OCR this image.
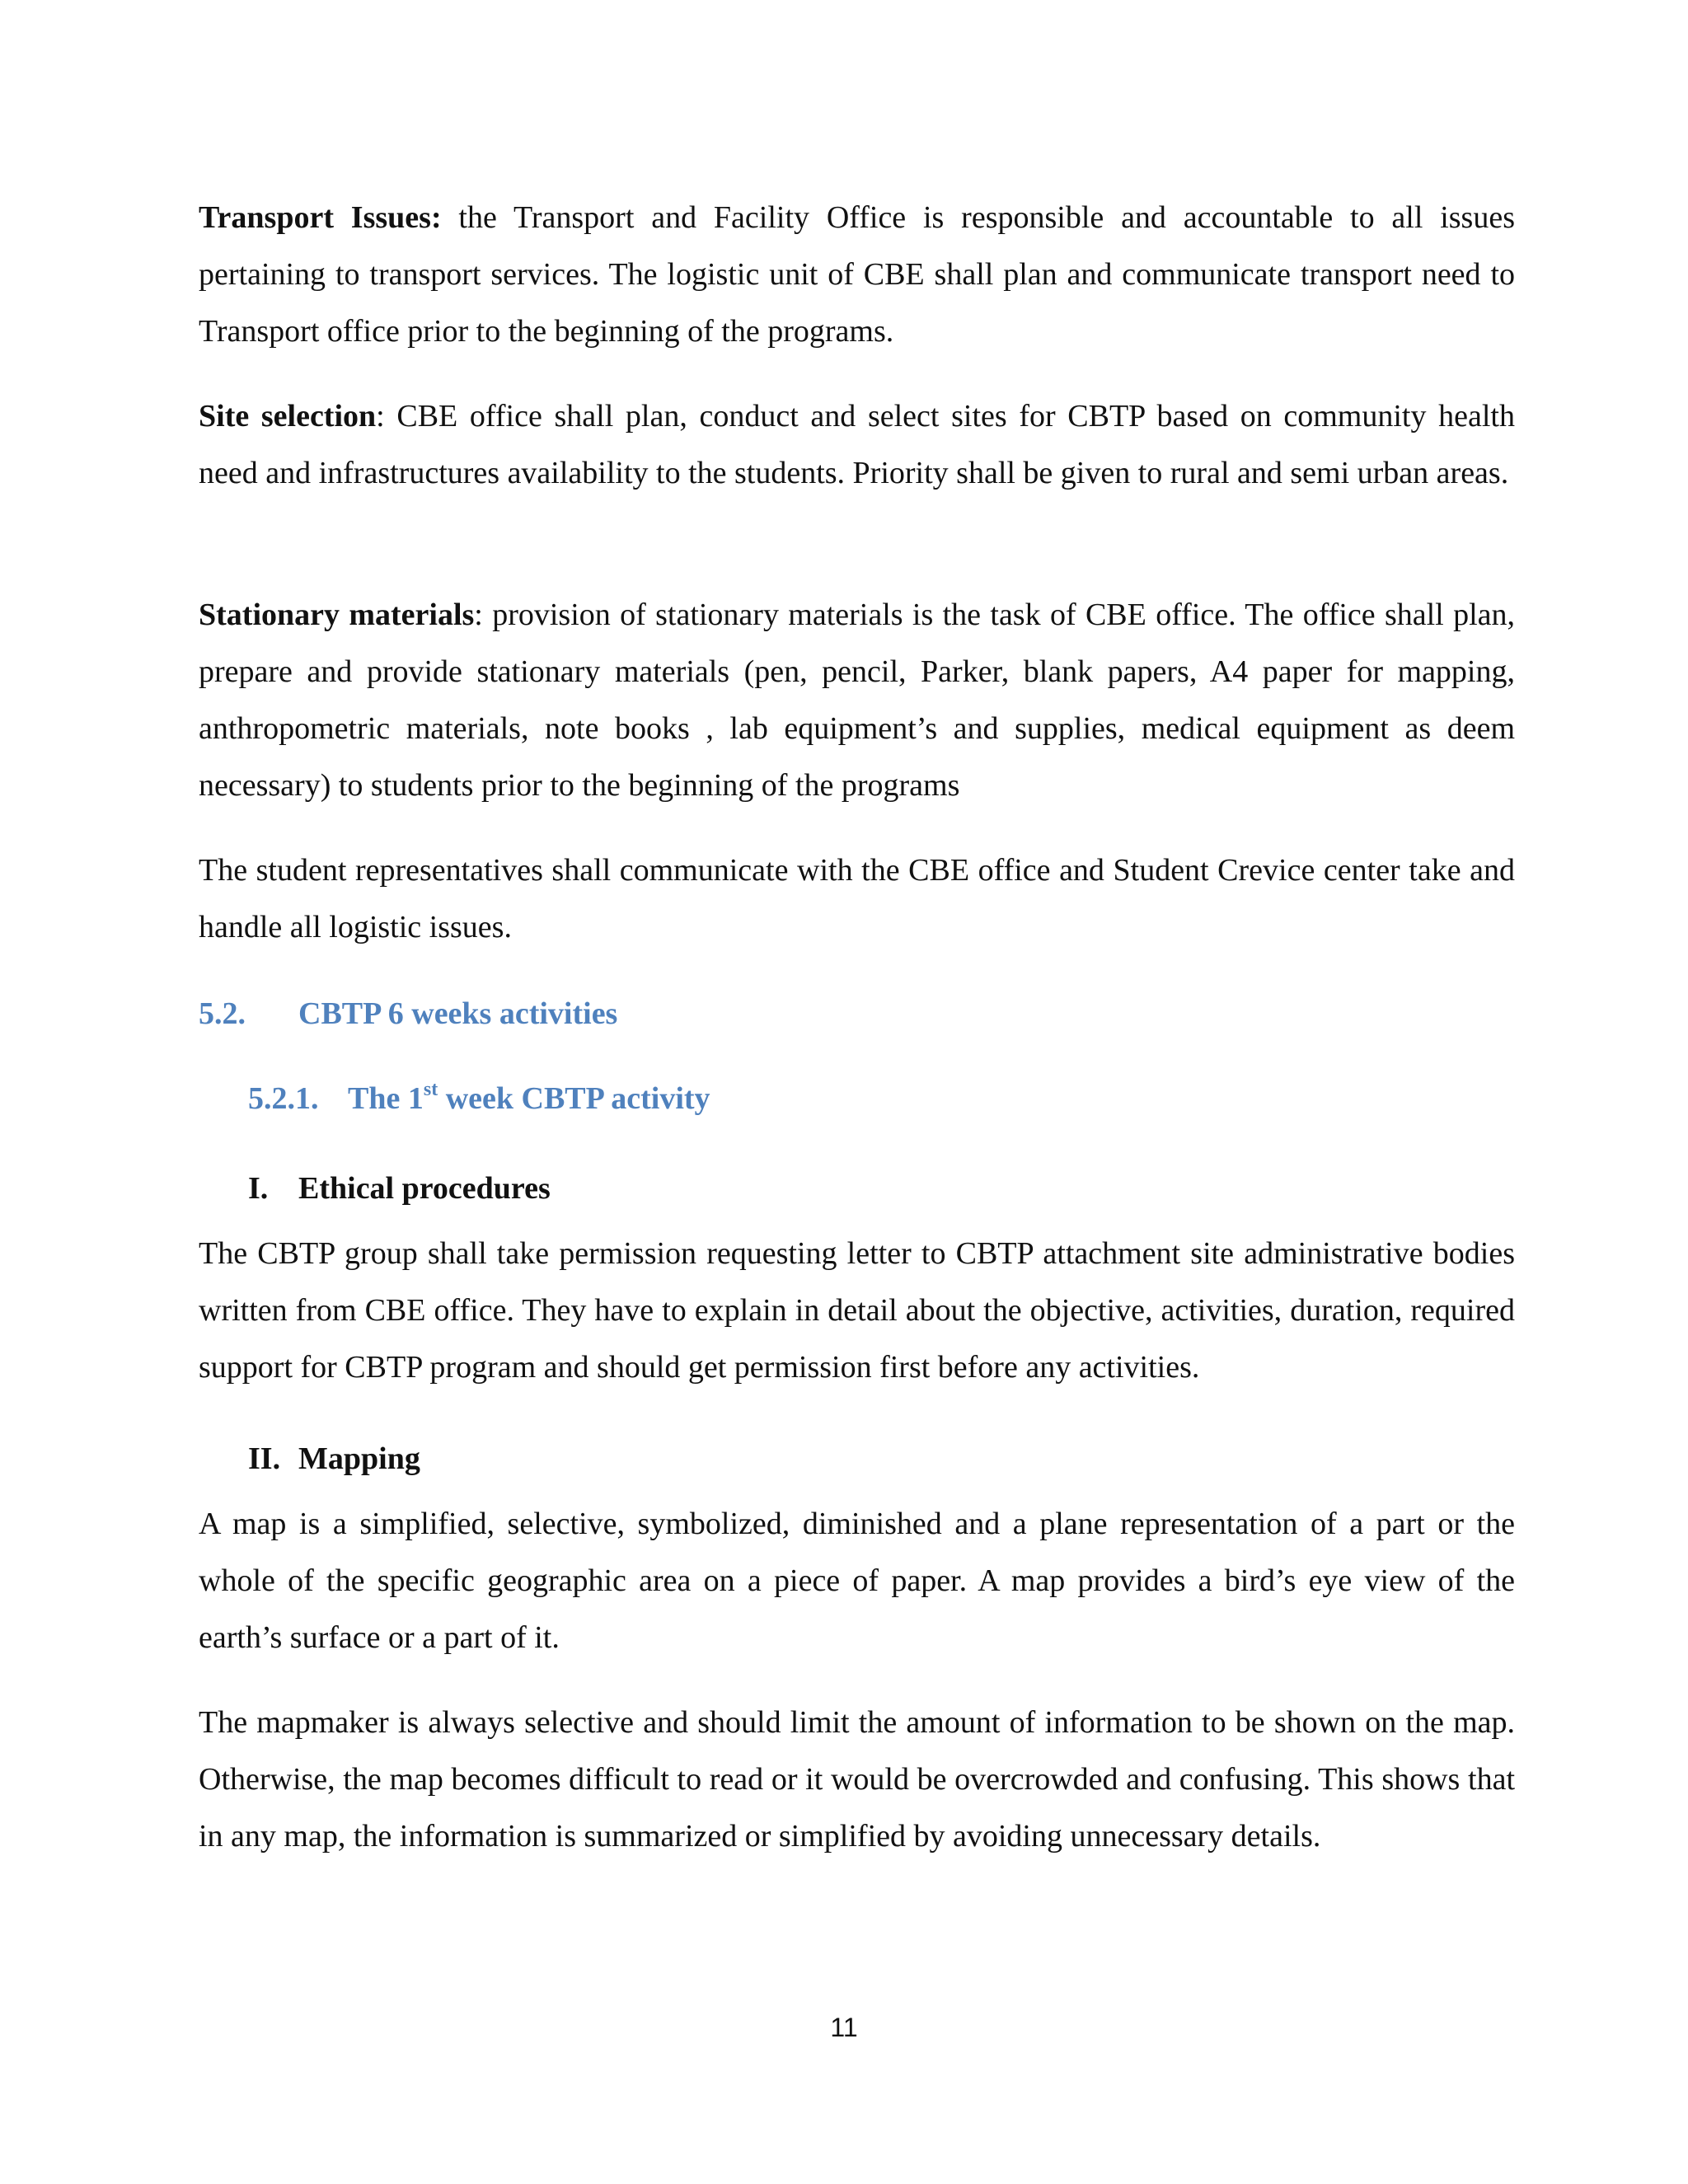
Transport Issues: the Transport and Facility Office is responsible and accountable to all issues pertaining to transport services. The logistic unit of CBE shall plan and communicate transport need to Transport office prior to the beginning of the programs.

Site selection: CBE office shall plan, conduct and select sites for CBTP based on community health need and infrastructures availability to the students. Priority shall be given to rural and semi urban areas.

Stationary materials: provision of stationary materials is the task of CBE office. The office shall plan, prepare and provide stationary materials (pen, pencil, Parker, blank papers, A4 paper for mapping, anthropometric materials, note books , lab equipment’s and supplies, medical equipment as deem necessary) to students prior to the beginning of the programs

The student representatives shall communicate with the CBE office and Student Crevice center take and handle all logistic issues.

5.2. CBTP 6 weeks activities
5.2.1. The 1st week CBTP activity
I. Ethical procedures

The CBTP group shall take permission requesting letter to CBTP attachment site administrative bodies written from CBE office. They have to explain in detail about the objective, activities, duration, required support for CBTP program and should get permission first before any activities.

II. Mapping

A map is a simplified, selective, symbolized, diminished and a plane representation of a part or the whole of the specific geographic area on a piece of paper. A map provides a bird’s eye view of the earth’s surface or a part of it.

The mapmaker is always selective and should limit the amount of information to be shown on the map. Otherwise, the map becomes difficult to read or it would be overcrowded and confusing. This shows that in any map, the information is summarized or simplified by avoiding unnecessary details.

11
